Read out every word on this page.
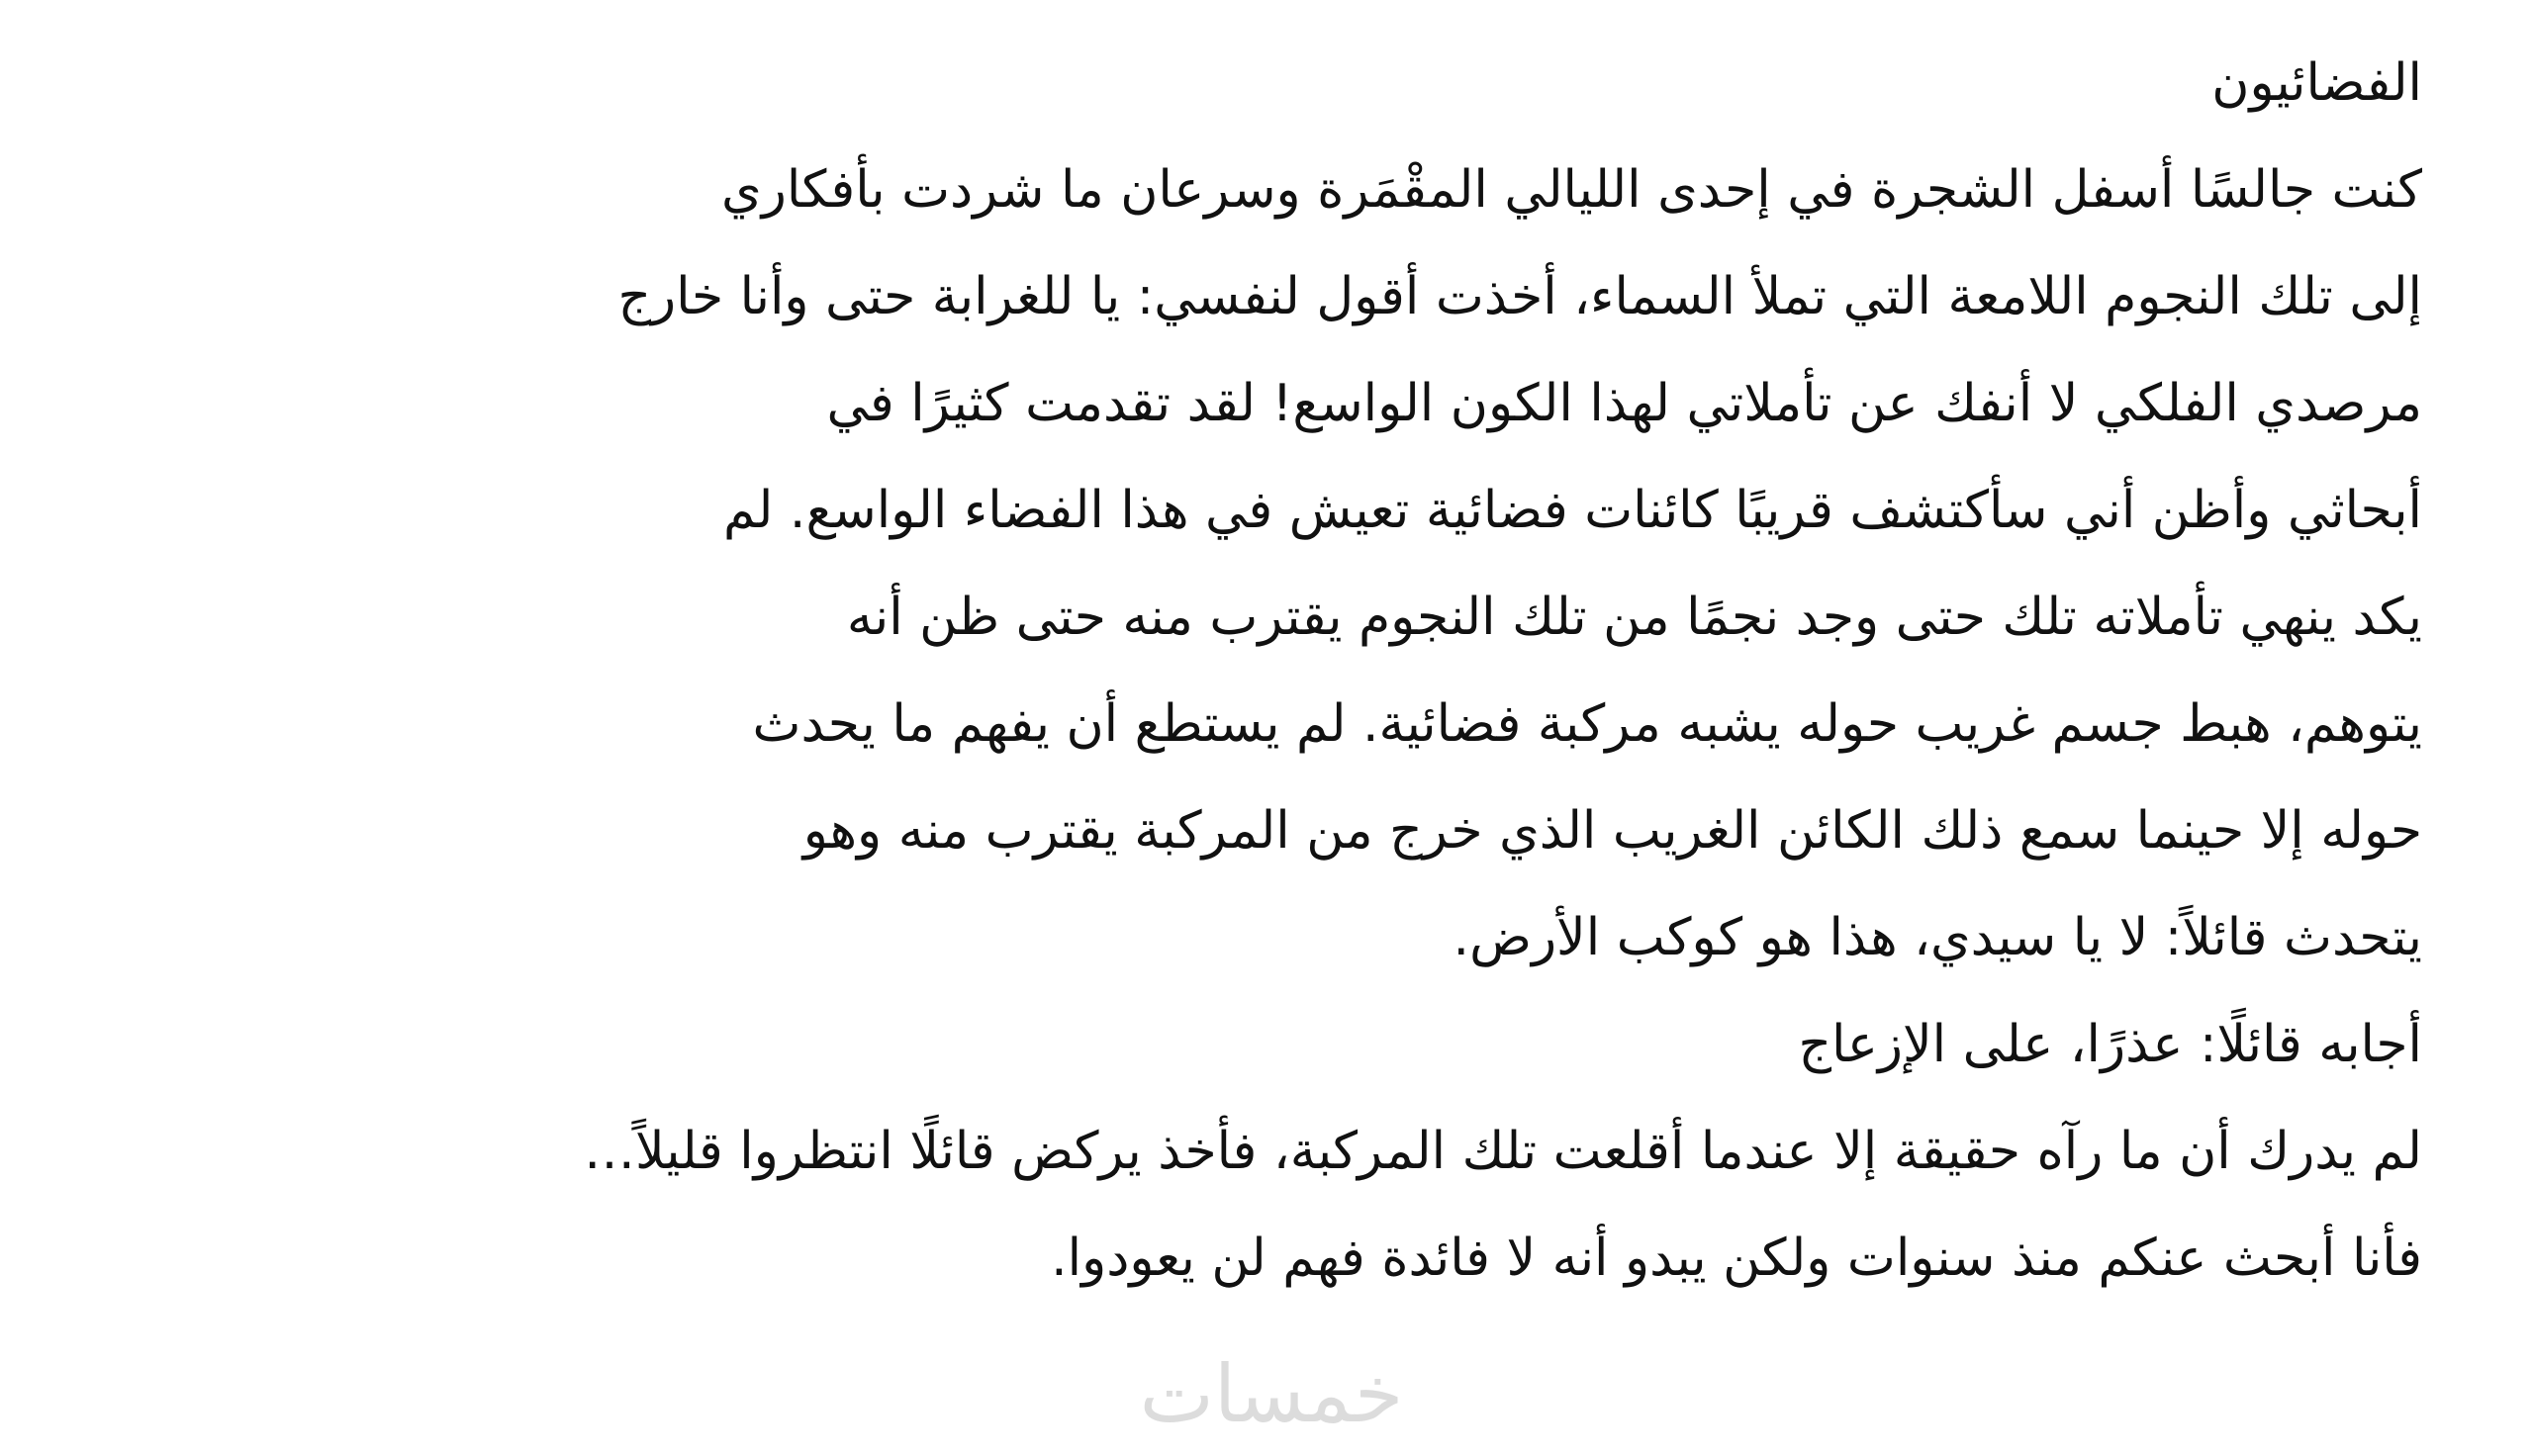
الفضائيون
كنت جالسًا أسفل الشجرة في إحدى الليالي المقْمَرة وسرعان ما شردت بأفكاري
إلى تلك النجوم اللامعة التي تملأ السماء، أخذت أقول لنفسي: يا للغرابة حتى وأنا خارج
مرصدي الفلكي لا أنفك عن تأملاتي لهذا الكون الواسع! لقد تقدمت كثيرًا في
أبحاثي وأظن أني سأكتشف قريبًا كائنات فضائية تعيش في هذا الفضاء الواسع. لم
يكد ينهي تأملاته تلك حتى وجد نجمًا من تلك النجوم يقترب منه حتى ظن أنه
يتوهم، هبط جسم غريب حوله يشبه مركبة فضائية. لم يستطع أن يفهم ما يحدث
حوله إلا حينما سمع ذلك الكائن الغريب الذي خرج من المركبة يقترب منه وهو
يتحدث قائلاً: لا يا سيدي، هذا هو كوكب الأرض.
أجابه قائلًا: عذرًا، على الإزعاج
لم يدرك أن ما رآه حقيقة إلا عندما أقلعت تلك المركبة، فأخذ يركض قائلًا انتظروا قليلاً…
فأنا أبحث عنكم منذ سنوات ولكن يبدو أنه لا فائدة فهم لن يعودوا.
خمسات
